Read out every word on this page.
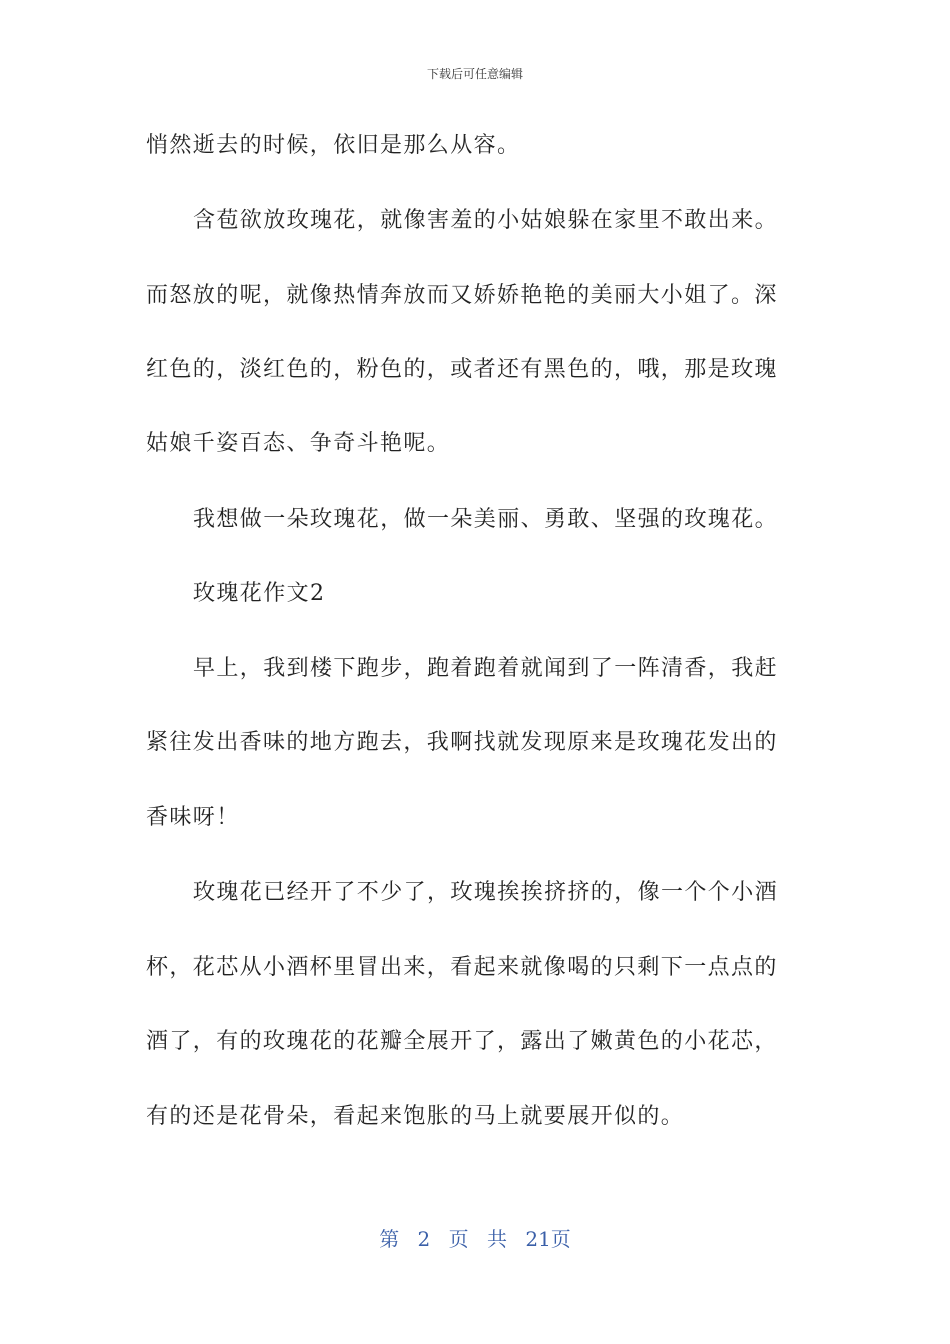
下载后可任意编辑
悄然逝去的时候，依旧是那么从容。
含苞欲放玫瑰花，就像害羞的小姑娘躲在家里不敢出来。
而怒放的呢，就像热情奔放而又娇娇艳艳的美丽大小姐了。深
红色的，淡红色的，粉色的，或者还有黑色的，哦，那是玫瑰
姑娘千姿百态、争奇斗艳呢。
我想做一朵玫瑰花，做一朵美丽、勇敢、坚强的玫瑰花。
玫瑰花作文2
早上，我到楼下跑步，跑着跑着就闻到了一阵清香，我赶
紧往发出香味的地方跑去，我啊找就发现原来是玫瑰花发出的
香味呀！
玫瑰花已经开了不少了，玫瑰挨挨挤挤的，像一个个小酒
杯，花芯从小酒杯里冒出来，看起来就像喝的只剩下一点点的
酒了，有的玫瑰花的花瓣全展开了，露出了嫩黄色的小花芯，
有的还是花骨朵，看起来饱胀的马上就要展开似的。
第 2 页 共 21页
